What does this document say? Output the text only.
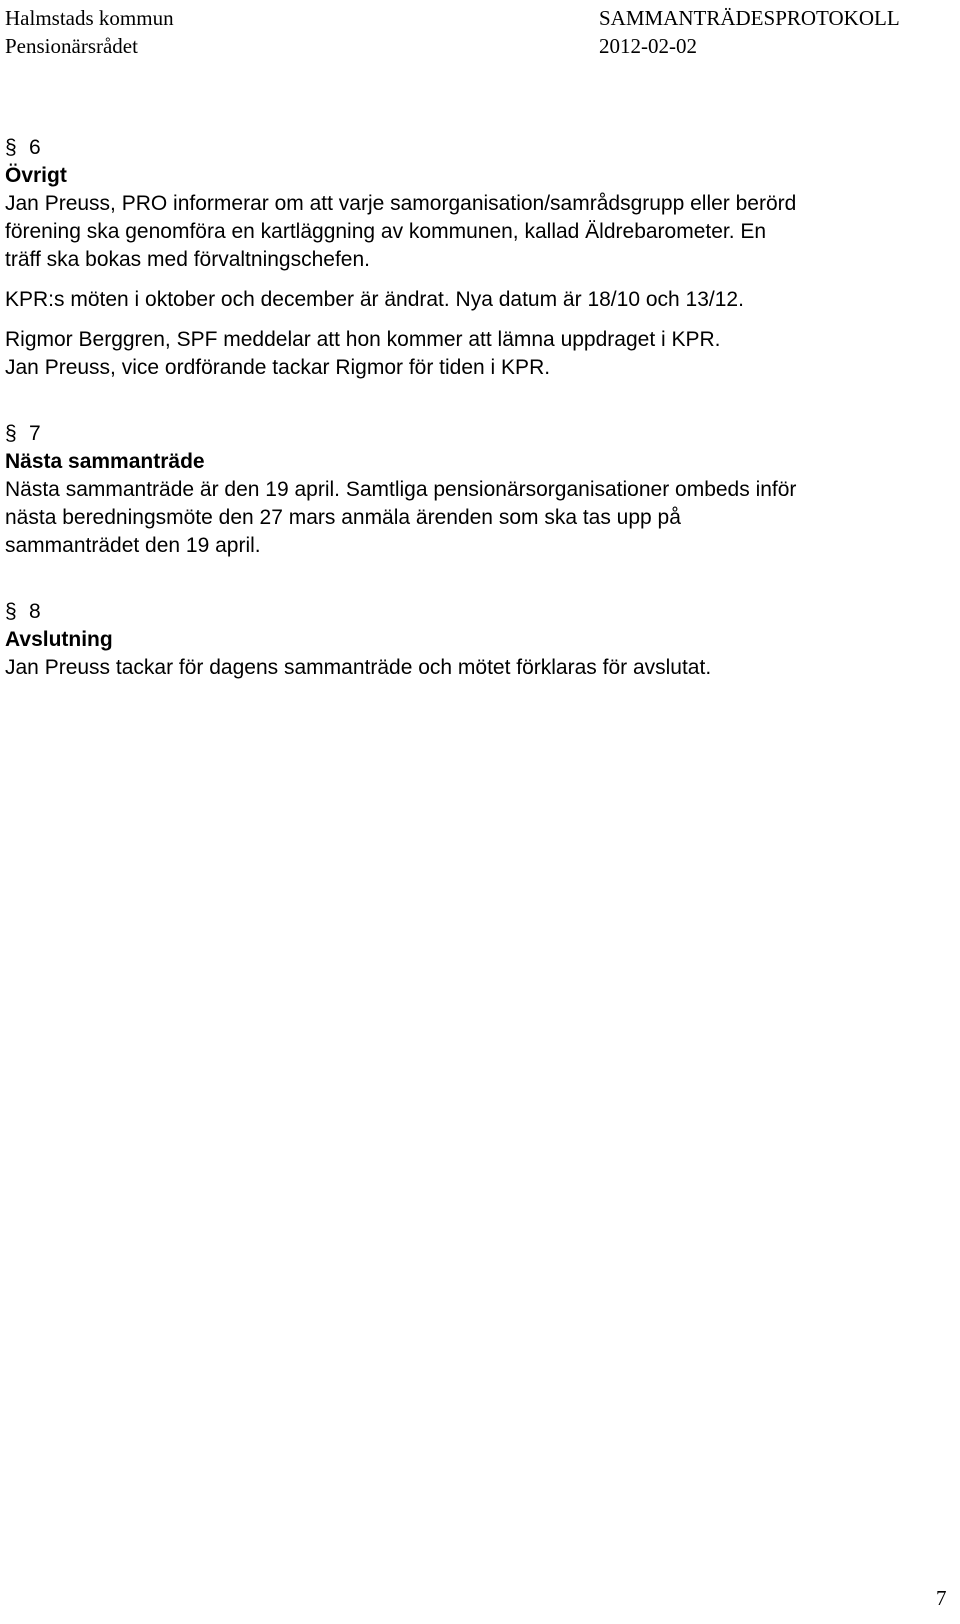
Halmstads kommun	SAMMANTRÄDESPROTOKOLL
Pensionärsrådet	2012-02-02
§ 6
Övrigt
Jan Preuss, PRO informerar om att varje samorganisation/samrådsgrupp eller berörd
förening ska genomföra en kartläggning av kommunen, kallad Äldrebarometer. En
träff ska bokas med förvaltningschefen.
KPR:s möten i oktober och december är ändrat. Nya datum är 18/10 och 13/12.
Rigmor Berggren, SPF meddelar att hon kommer att lämna uppdraget i KPR.
Jan Preuss, vice ordförande tackar Rigmor för tiden i KPR.
§ 7
Nästa sammanträde
Nästa sammanträde är den 19 april. Samtliga pensionärsorganisationer ombeds inför
nästa beredningsmöte den 27 mars anmäla ärenden som ska tas upp på
sammanträdet den 19 april.
§ 8
Avslutning
Jan Preuss tackar för dagens sammanträde och mötet förklaras för avslutat.
7
